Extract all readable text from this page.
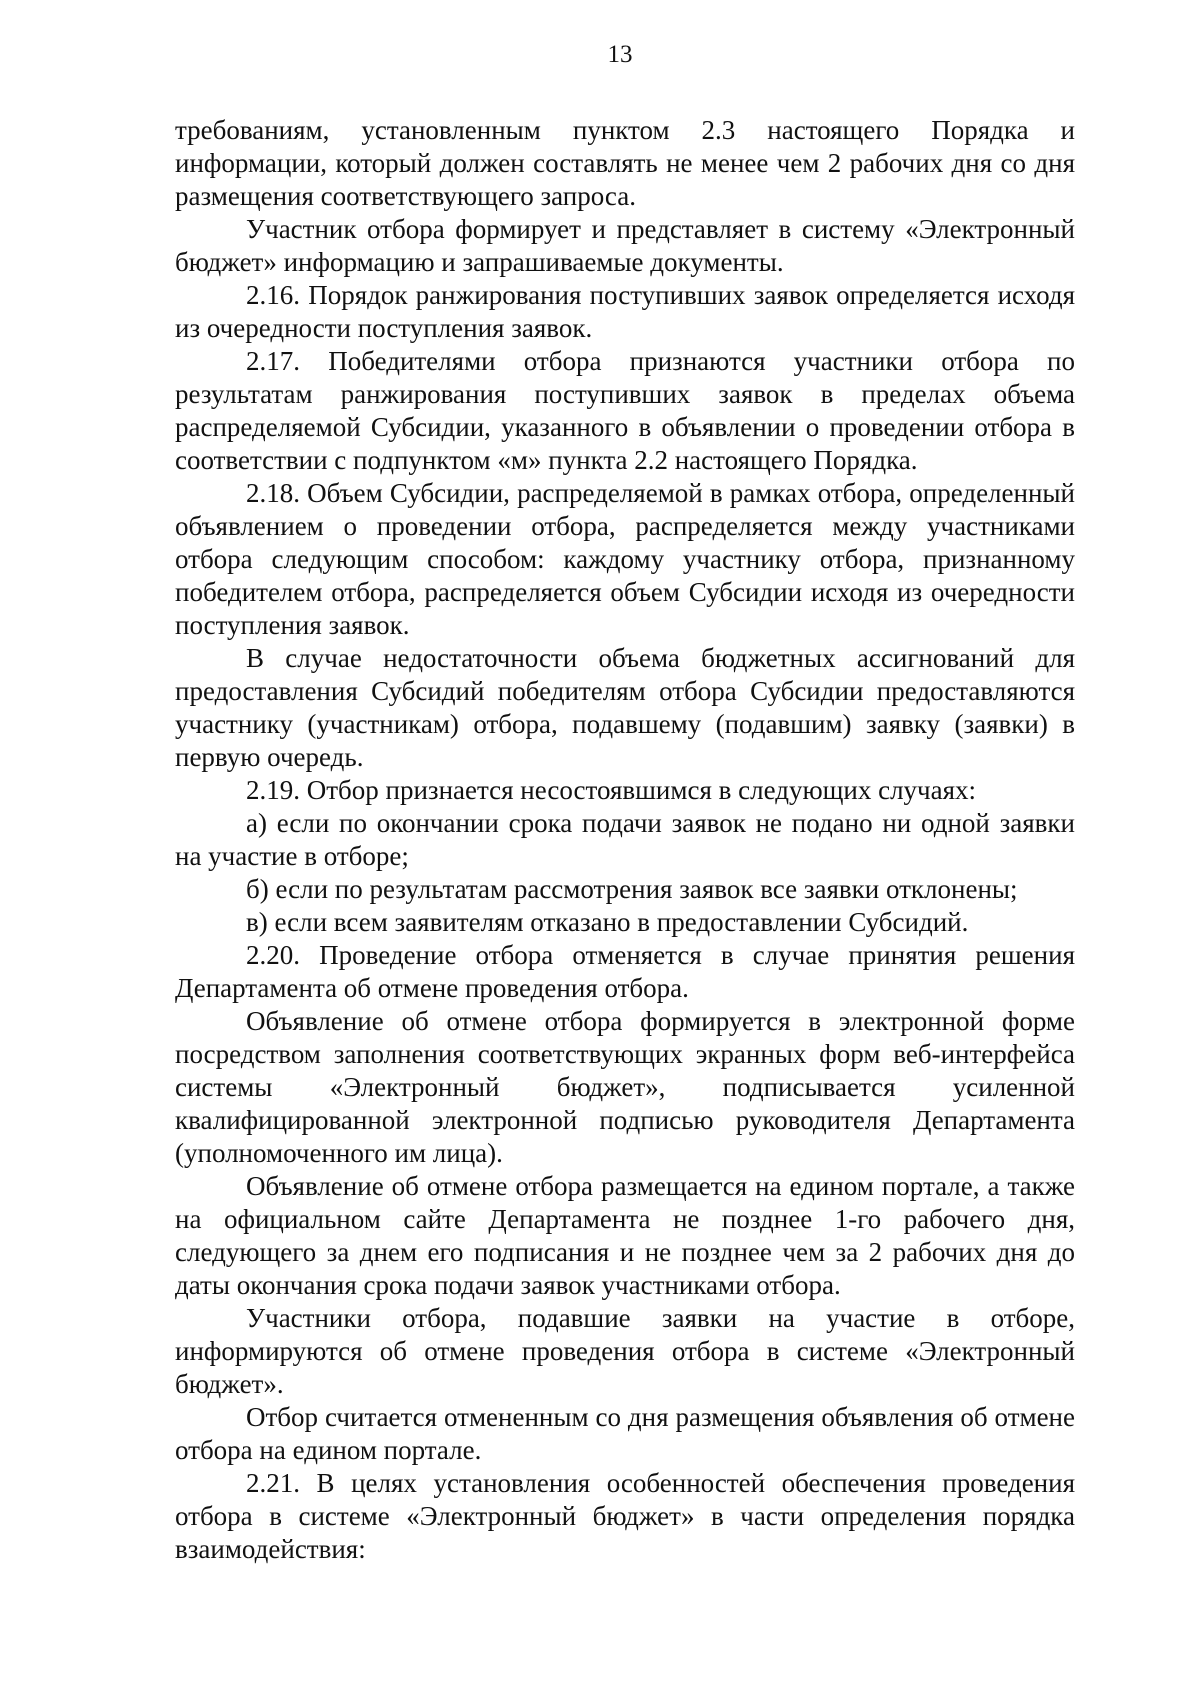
13

требованиям, установленным пунктом 2.3 настоящего Порядка и информации, который должен составлять не менее чем 2 рабочих дня со дня размещения соответствующего запроса.

Участник отбора формирует и представляет в систему «Электронный бюджет» информацию и запрашиваемые документы.

2.16. Порядок ранжирования поступивших заявок определяется исходя из очередности поступления заявок.

2.17. Победителями отбора признаются участники отбора по результатам ранжирования поступивших заявок в пределах объема распределяемой Субсидии, указанного в объявлении о проведении отбора в соответствии с подпунктом «м» пункта 2.2 настоящего Порядка.

2.18. Объем Субсидии, распределяемой в рамках отбора, определенный объявлением о проведении отбора, распределяется между участниками отбора следующим способом: каждому участнику отбора, признанному победителем отбора, распределяется объем Субсидии исходя из очередности поступления заявок.

В случае недостаточности объема бюджетных ассигнований для предоставления Субсидий победителям отбора Субсидии предоставляются участнику (участникам) отбора, подавшему (подавшим) заявку (заявки) в первую очередь.

2.19. Отбор признается несостоявшимся в следующих случаях:

а) если по окончании срока подачи заявок не подано ни одной заявки на участие в отборе;

б) если по результатам рассмотрения заявок все заявки отклонены;

в) если всем заявителям отказано в предоставлении Субсидий.

2.20. Проведение отбора отменяется в случае принятия решения Департамента об отмене проведения отбора.

Объявление об отмене отбора формируется в электронной форме посредством заполнения соответствующих экранных форм веб-интерфейса системы «Электронный бюджет», подписывается усиленной квалифицированной электронной подписью руководителя Департамента (уполномоченного им лица).

Объявление об отмене отбора размещается на едином портале, а также на официальном сайте Департамента не позднее 1-го рабочего дня, следующего за днем его подписания и не позднее чем за 2 рабочих дня до даты окончания срока подачи заявок участниками отбора.

Участники отбора, подавшие заявки на участие в отборе, информируются об отмене проведения отбора в системе «Электронный бюджет».

Отбор считается отмененным со дня размещения объявления об отмене отбора на едином портале.

2.21. В целях установления особенностей обеспечения проведения отбора в системе «Электронный бюджет» в части определения порядка взаимодействия:
